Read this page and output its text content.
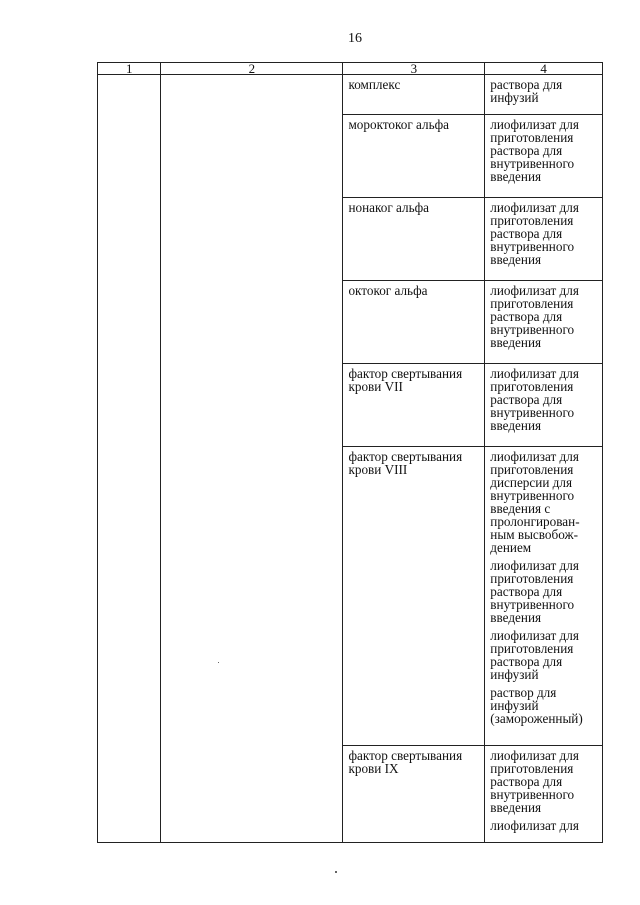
16
1	2	3	4

		комплекс	раствора для инфузий

		мороктоког альфа	лиофилизат для приготовления раствора для внутривенного введения

		нонаког альфа	лиофилизат для приготовления раствора для внутривенного введения

		октоког альфа	лиофилизат для приготовления раствора для внутривенного введения

		фактор свертывания крови VII	лиофилизат для приготовления раствора для внутривенного введения

		фактор свертывания крови VIII	лиофилизат для приготовления дисперсии для внутривенного введения с пролонгирован-ным высвобож-дением
лиофилизат для приготовления раствора для внутривенного введения
лиофилизат для приготовления раствора для инфузий
раствор для инфузий (замороженный)

		фактор свертывания крови IX	лиофилизат для приготовления раствора для внутривенного введения
лиофилизат для
